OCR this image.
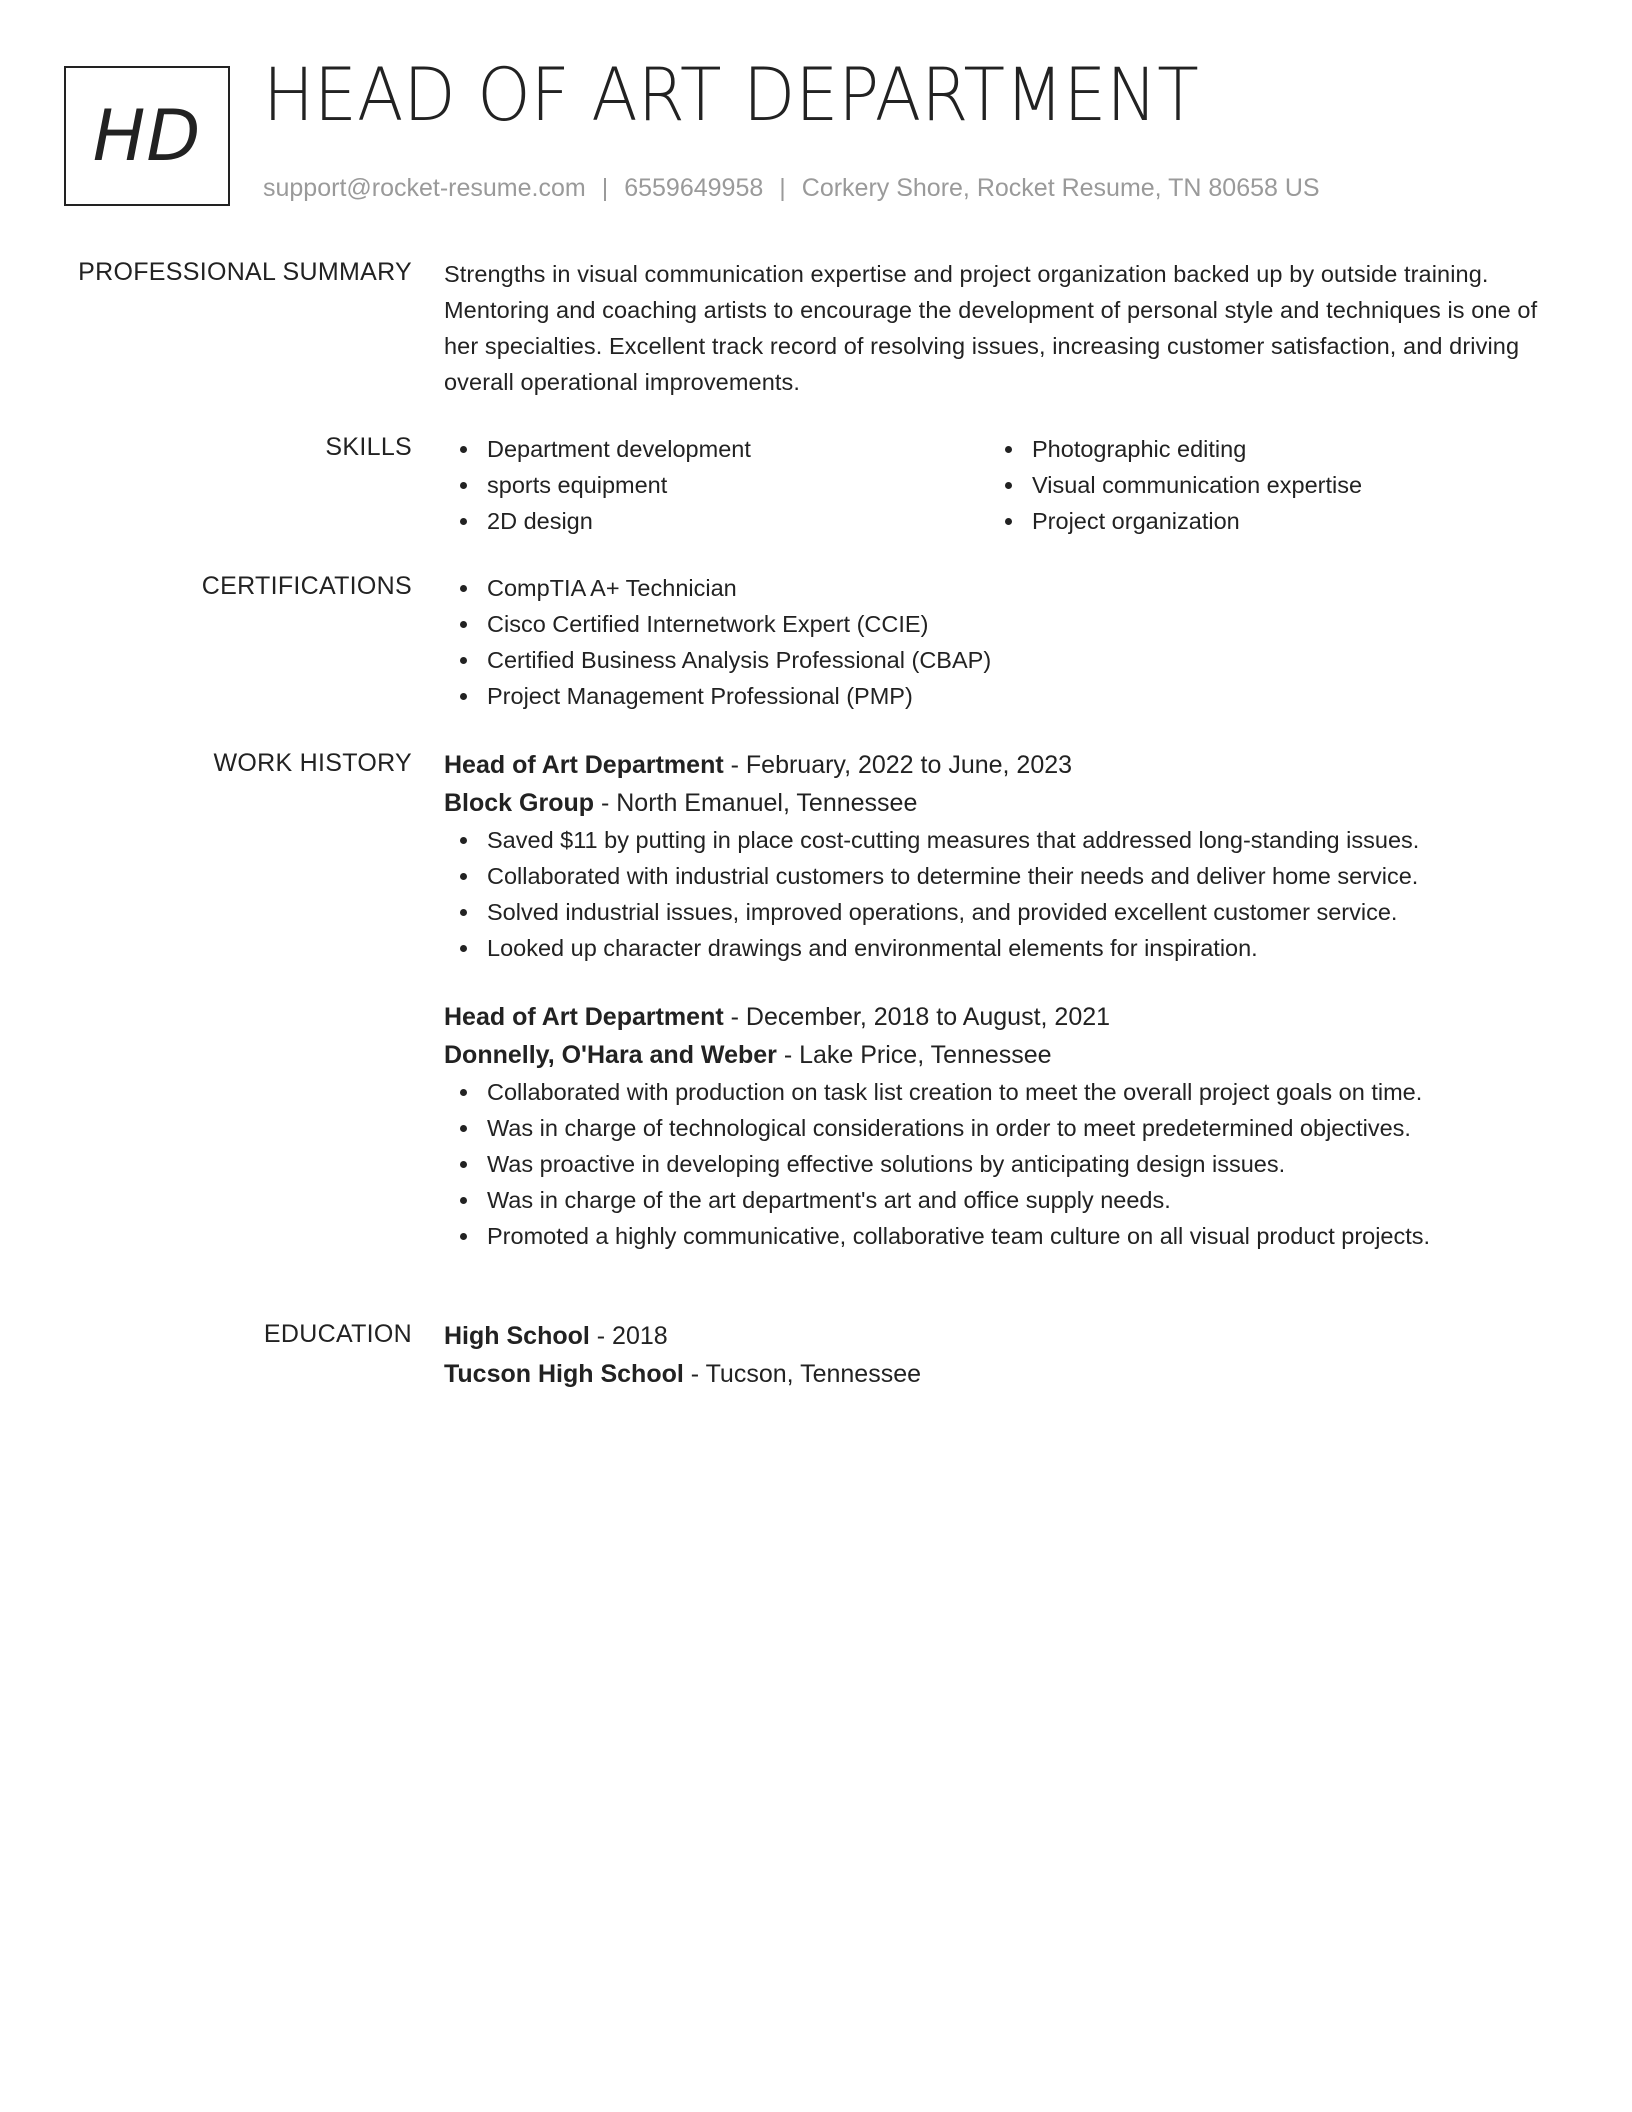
HD HEAD OF ART DEPARTMENT
support@rocket-resume.com | 6559649958 | Corkery Shore, Rocket Resume, TN 80658 US
PROFESSIONAL SUMMARY Strengths in visual communication expertise and project organization backed up by outside training. Mentoring and coaching artists to encourage the development of personal style and techniques is one of her specialties. Excellent track record of resolving issues, increasing customer satisfaction, and driving overall operational improvements.

SKILLS	Department development
sports equipment
2D design
Photographic editing
Visual communication expertise
Project organization
CERTIFICATIONS	CompTIA A+ Technician
Cisco Certified Internetwork Expert (CCIE)
Certified Business Analysis Professional (CBAP)
Project Management Professional (PMP)
WORK HISTORY Head of Art Department - February, 2022 to June, 2023
Block Group - North Emanuel, Tennessee
Saved $11 by putting in place cost-cutting measures that addressed long-standing issues.
Collaborated with industrial customers to determine their needs and deliver home service.
Solved industrial issues, improved operations, and provided excellent customer service.
Looked up character drawings and environmental elements for inspiration.
Head of Art Department - December, 2018 to August, 2021
Donnelly, O'Hara and Weber - Lake Price, Tennessee
Collaborated with production on task list creation to meet the overall project goals on time.
Was in charge of technological considerations in order to meet predetermined objectives.
Was proactive in developing effective solutions by anticipating design issues.
Was in charge of the art department's art and office supply needs.
Promoted a highly communicative, collaborative team culture on all visual product projects.
EDUCATION High School - 2018
Tucson High School - Tucson, Tennessee
